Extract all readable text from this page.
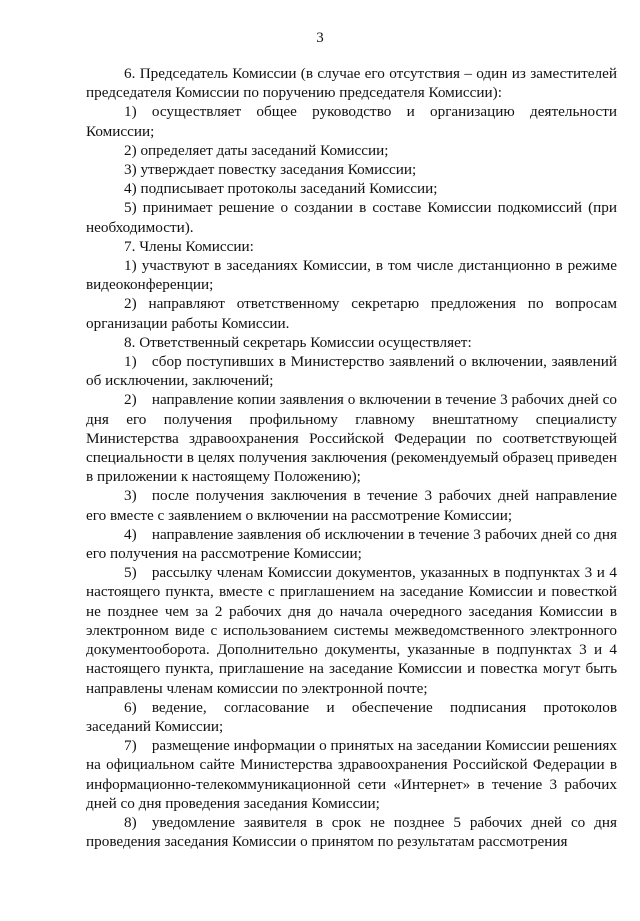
3

6. Председатель Комиссии (в случае его отсутствия – один из заместителей председателя Комиссии по поручению председателя Комиссии):

1) осуществляет общее руководство и организацию деятельности Комиссии;

2) определяет даты заседаний Комиссии;

3) утверждает повестку заседания Комиссии;

4) подписывает протоколы заседаний Комиссии;

5) принимает решение о создании в составе Комиссии подкомиссий (при необходимости).

7. Члены Комиссии:

1) участвуют в заседаниях Комиссии, в том числе дистанционно в режиме видеоконференции;

2) направляют ответственному секретарю предложения по вопросам организации работы Комиссии.

8. Ответственный секретарь Комиссии осуществляет:

1) сбор поступивших в Министерство заявлений о включении, заявлений об исключении, заключений;

2) направление копии заявления о включении в течение 3 рабочих дней со дня его получения профильному главному внештатному специалисту Министерства здравоохранения Российской Федерации по соответствующей специальности в целях получения заключения (рекомендуемый образец приведен в приложении к настоящему Положению);

3) после получения заключения в течение 3 рабочих дней направление его вместе с заявлением о включении на рассмотрение Комиссии;

4) направление заявления об исключении в течение 3 рабочих дней со дня его получения на рассмотрение Комиссии;

5) рассылку членам Комиссии документов, указанных в подпунктах 3 и 4 настоящего пункта, вместе с приглашением на заседание Комиссии и повесткой не позднее чем за 2 рабочих дня до начала очередного заседания Комиссии в электронном виде с использованием системы межведомственного электронного документооборота. Дополнительно документы, указанные в подпунктах 3 и 4 настоящего пункта, приглашение на заседание Комиссии и повестка могут быть направлены членам комиссии по электронной почте;

6) ведение, согласование и обеспечение подписания протоколов заседаний Комиссии;

7) размещение информации о принятых на заседании Комиссии решениях на официальном сайте Министерства здравоохранения Российской Федерации в информационно-телекоммуникационной сети «Интернет» в течение 3 рабочих дней со дня проведения заседания Комиссии;

8) уведомление заявителя в срок не позднее 5 рабочих дней со дня проведения заседания Комиссии о принятом по результатам рассмотрения
